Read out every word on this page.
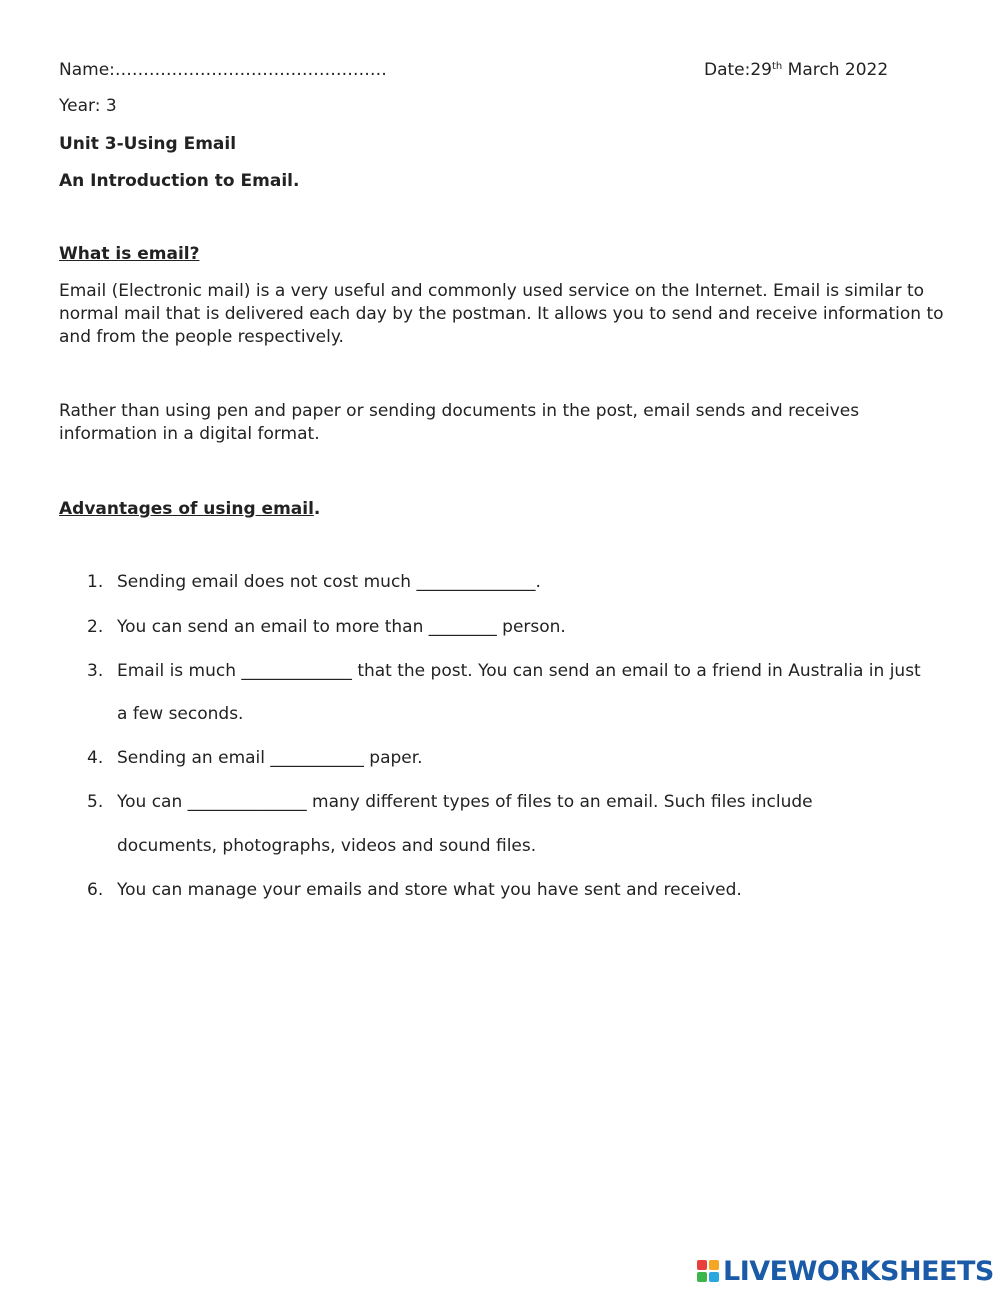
Name:…………………………………………	Date:29th March 2022
Year: 3
Unit 3-Using Email
An Introduction to Email.
What is email?
Email (Electronic mail) is a very useful and commonly used service on the Internet. Email is similar to normal mail that is delivered each day by the postman. It allows you to send and receive information to and from the people respectively.
Rather than using pen and paper or sending documents in the post, email sends and receives information in a digital format.
Advantages of using email.
1. Sending email does not cost much ______________.
2. You can send an email to more than ________ person.
3. Email is much _____________ that the post. You can send an email to a friend in Australia in just
a few seconds.
4. Sending an email ___________ paper.
5. You can ______________ many different types of files to an email. Such files include
documents, photographs, videos and sound files.
6. You can manage your emails and store what you have sent and received.
LIVEWORKSHEETS
